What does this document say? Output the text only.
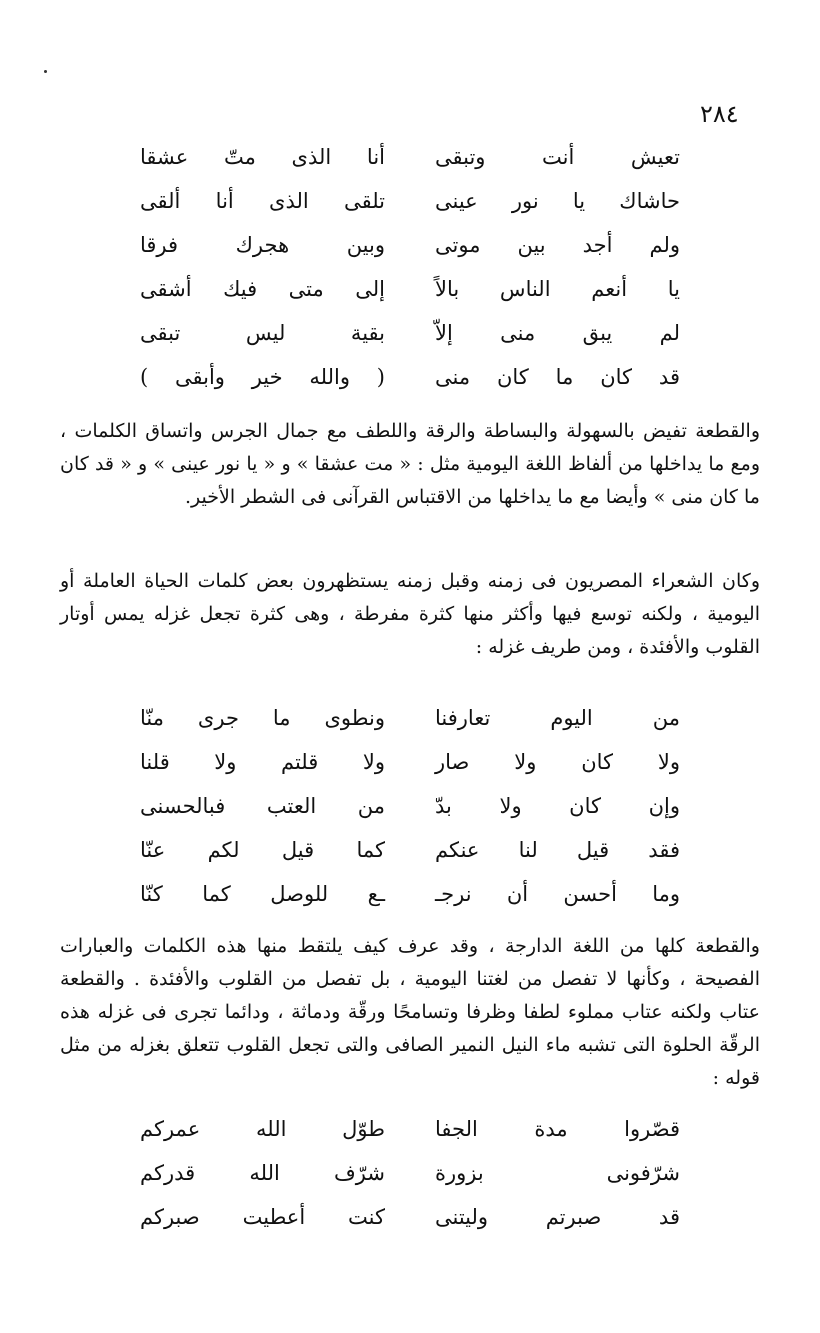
٢٨٤
تعيش أنت وتبقى
أنا الذى متّ عشقا
حاشاك يا نور عينى
تلقى الذى أنا ألقى
ولم أجد بين موتى
وبين هجرك فرقا
يا أنعم الناس بالاً
إلى متى فيك أشقى
لم يبق منى إلاّ
بقية ليس تبقى
قد كان ما كان منى
( والله خير وأبقى )
والقطعة تفيض بالسهولة والبساطة والرقة واللطف مع جمال الجرس واتساق الكلمات ، ومع ما يداخلها من ألفاظ اللغة اليومية مثل : « مت عشقا » و « يا نور عينى » و « قد كان ما كان منى » وأيضا مع ما يداخلها من الاقتباس القرآنى فى الشطر الأخير.
وكان الشعراء المصريون فى زمنه وقبل زمنه يستظهرون بعض كلمات الحياة العاملة أو اليومية ، ولكنه توسع فيها وأكثر منها كثرة مفرطة ، وهى كثرة تجعل غزله يمس أوتار القلوب والأفئدة ، ومن طريف غزله :
من اليوم تعارفنا
ونطوى ما جرى منّا
ولا كان ولا صار
ولا قلتم ولا قلنا
وإن كان ولا بدّ
من العتب فبالحسنى
فقد قيل لنا عنكم
كما قيل لكم عنّا
وما أحسن أن نرجـ
ـع للوصل كما كنّا
والقطعة كلها من اللغة الدارجة ، وقد عرف كيف يلتقط منها هذه الكلمات والعبارات الفصيحة ، وكأنها لا تفصل من لغتنا اليومية ، بل تفصل من القلوب والأفئدة . والقطعة عتاب ولكنه عتاب مملوء لطفا وظرفا وتسامحًا ورقّة ودماثة ، ودائما تجرى فى غزله هذه الرقّة الحلوة التى تشبه ماء النيل النمير الصافى والتى تجعل القلوب تتعلق بغزله من مثل قوله :
قصّروا مدة الجفا
طوّل الله عمركم
شرّفونى بزورة
شرّف الله قدركم
قد صبرتم وليتنى
كنت أعطيت صبركم
